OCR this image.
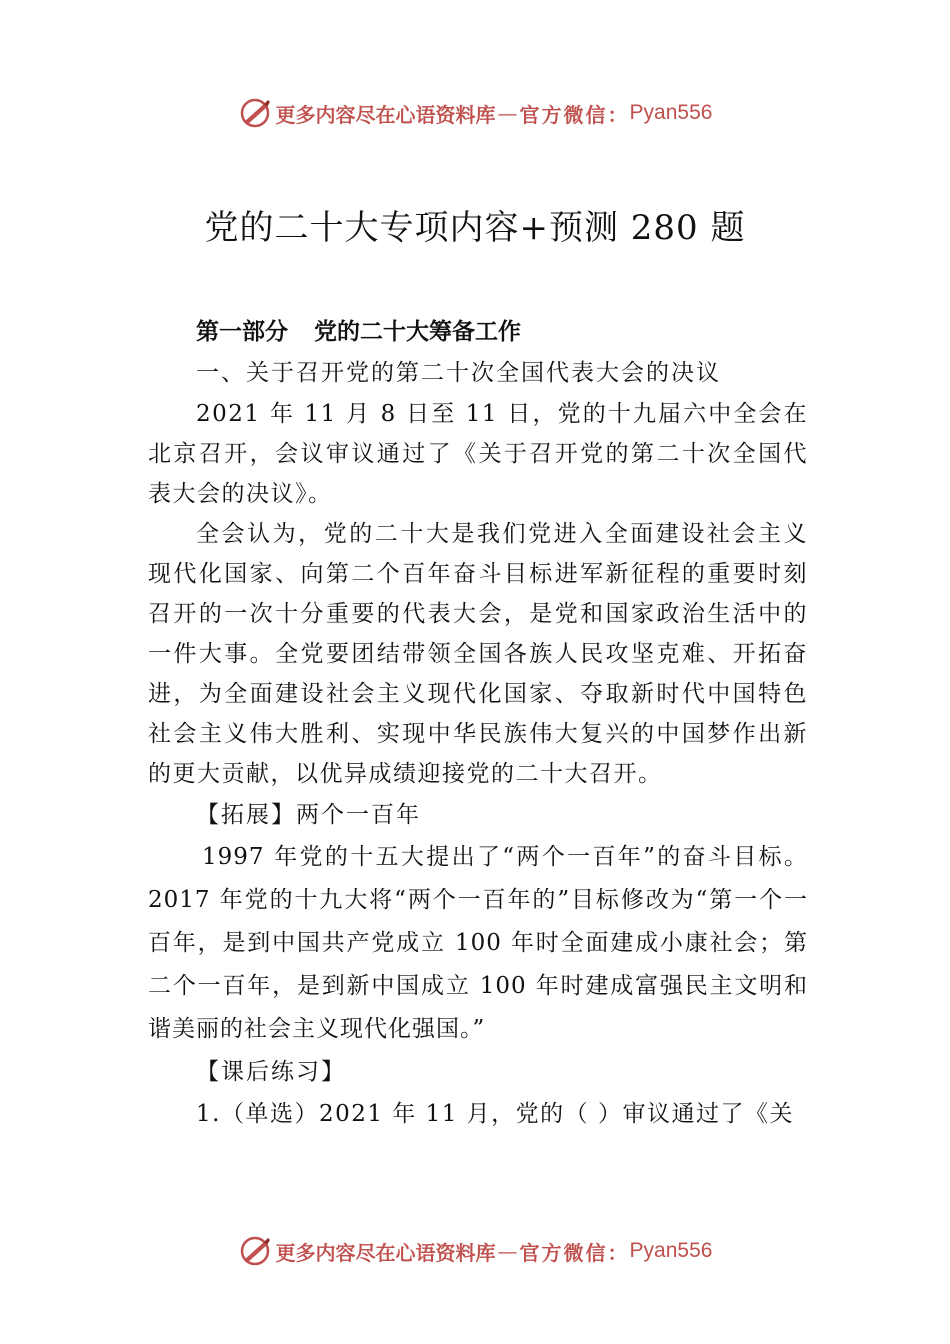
更多内容尽在心语资料库 — 官方微信： Pyan556
党的二十大专项内容+预测 280 题
第一部分 党的二十大筹备工作
一、关于召开党的第二十次全国代表大会的决议

2021 年 11 月 8 日至 11 日，党的十九届六中全会在北京召开，会议审议通过了《关于召开党的第二十次全国代表大会的决议》。

全会认为，党的二十大是我们党进入全面建设社会主义现代化国家、向第二个百年奋斗目标进军新征程的重要时刻召开的一次十分重要的代表大会，是党和国家政治生活中的一件大事。全党要团结带领全国各族人民攻坚克难、开拓奋进，为全面建设社会主义现代化国家、夺取新时代中国特色社会主义伟大胜利、实现中华民族伟大复兴的中国梦作出新的更大贡献，以优异成绩迎接党的二十大召开。

【拓展】两个一百年

1997 年党的十五大提出了“两个一百年”的奋斗目标。2017 年党的十九大将“两个一百年的”目标修改为“第一个一百年，是到中国共产党成立 100 年时全面建成小康社会；第二个一百年，是到新中国成立 100 年时建成富强民主文明和谐美丽的社会主义现代化强国。”

【课后练习】
1.（单选）2021 年 11 月，党的（ ）审议通过了《关
更多内容尽在心语资料库 — 官方微信： Pyan556
